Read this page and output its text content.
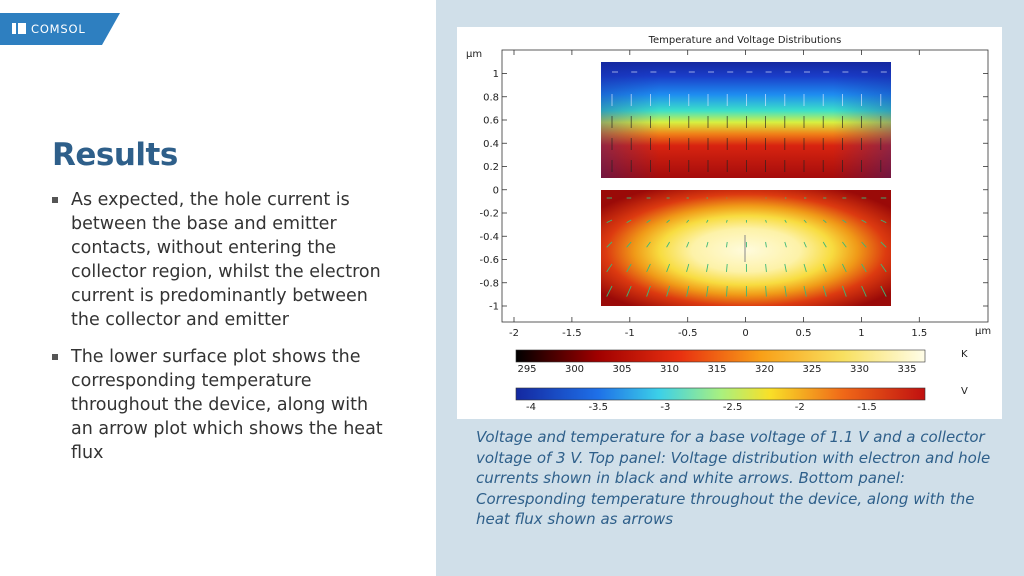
COMSOL
Results
As expected, the hole current is between the base and emitter contacts, without entering the collector region, whilst the electron current is predominantly between the collector and emitter
The lower surface plot shows the corresponding temperature throughout the device, along with an arrow plot which shows the heat flux
Temperature and Voltage Distributions
μm
1
0.8
0.6
0.4
0.2
0
-0.2
-0.4
-0.6
-0.8
-1
-2	-1.5	-1	-0.5	0	0.5	1	1.5	μm
K
295	300	305	310	315	320	325	330	335
V
-4	-3.5	-3	-2.5	-2	-1.5
Voltage and temperature for a base voltage of 1.1 V and a collector voltage of 3 V. Top panel: Voltage distribution with electron and hole currents shown in black and white arrows. Bottom panel: Corresponding temperature throughout the device, along with the heat flux shown as arrows
